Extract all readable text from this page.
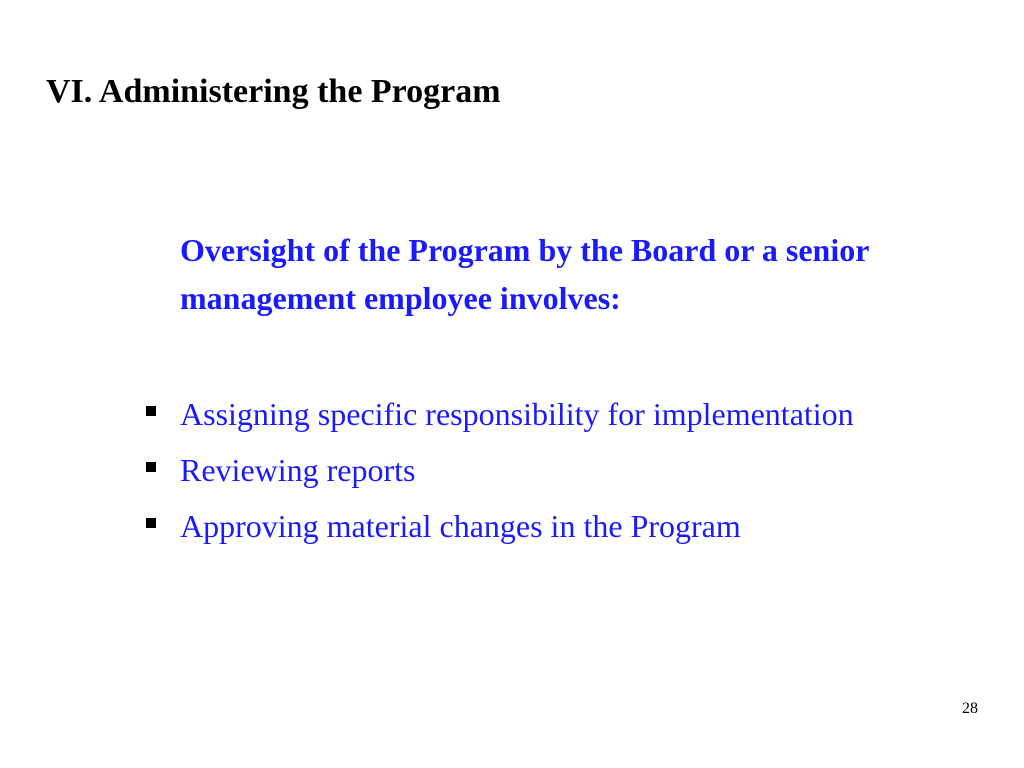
VI. Administering the Program

Oversight of the Program by the Board or a senior management employee involves:

Assigning specific responsibility for implementation
Reviewing reports
Approving material changes in the Program
28
